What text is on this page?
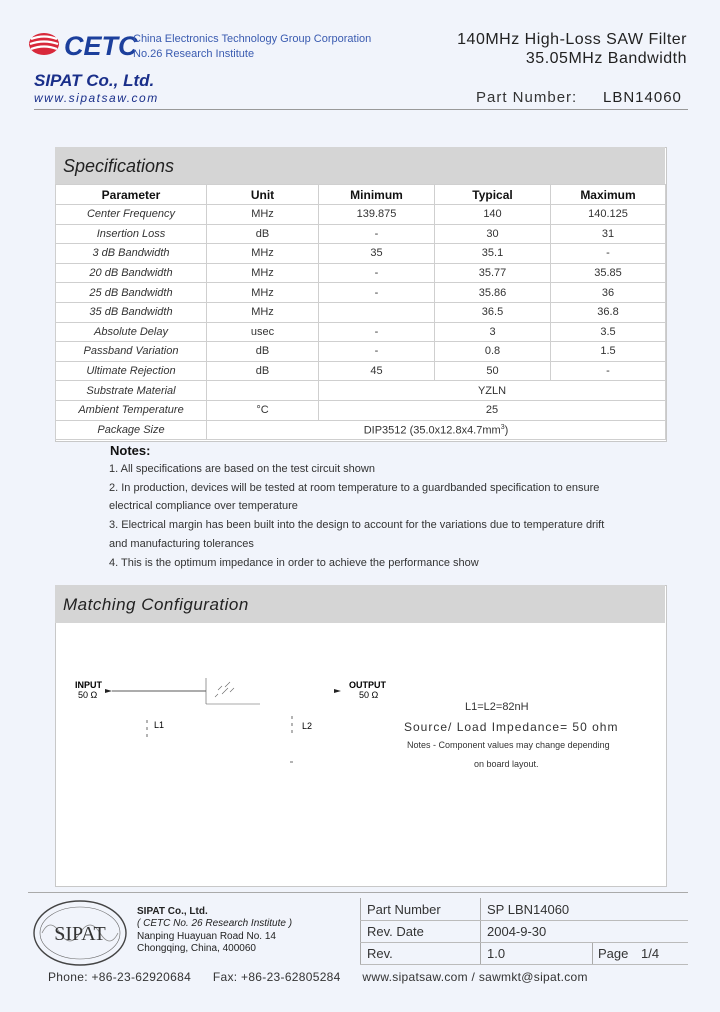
CETC
China Electronics Technology Group Corporation
No.26 Research Institute
SIPAT Co., Ltd.
www.sipatsaw.com
140MHz High-Loss SAW Filter
35.05MHz Bandwidth
Part Number: LBN14060
Specifications
Parameter	Unit	Minimum	Typical	Maximum
Center Frequency	MHz	139.875	140	140.125
Insertion Loss	dB	-	30	31
3 dB Bandwidth	MHz	35	35.1	-
20 dB Bandwidth	MHz	-	35.77	35.85
25 dB Bandwidth	MHz	-	35.86	36
35 dB Bandwidth	MHz		36.5	36.8
Absolute Delay	usec	-	3	3.5
Passband Variation	dB	-	0.8	1.5
Ultimate Rejection	dB	45	50	-
Substrate Material		YZLN		
Ambient Temperature	°C	25		
Package Size	DIP3512 $(35.0x12.8x4.7mm^3)$			
Notes:
1. All specifications are based on the test circuit shown
2. In production, devices will be tested at room temperature to a guardbanded specification to ensure
electrical compliance over temperature
3. Electrical margin has been built into the design to account for the variations due to temperature drift
and manufacturing tolerances
4. This is the optimum impedance in order to achieve the performance show
Matching Configuration
INPUT
50 Ω
OUTPUT
50 Ω
L1	L2
L1=L2=82nH
Source/ Load Impedance= 50 ohm
Notes - Component values may change depending
on board layout.
SIPAT
SIPAT Co., Ltd.
( CETC No. 26 Research Institute )
Nanping Huayuan Road No. 14
Chongqing, China, 400060
Part Number	SP LBN14060
Rev. Date	2004-9-30
Rev.	1.0	Page 1/4
Phone: +86-23-62920684      Fax: +86-23-62805284      www.sipatsaw.com / sawmkt@sipat.com
